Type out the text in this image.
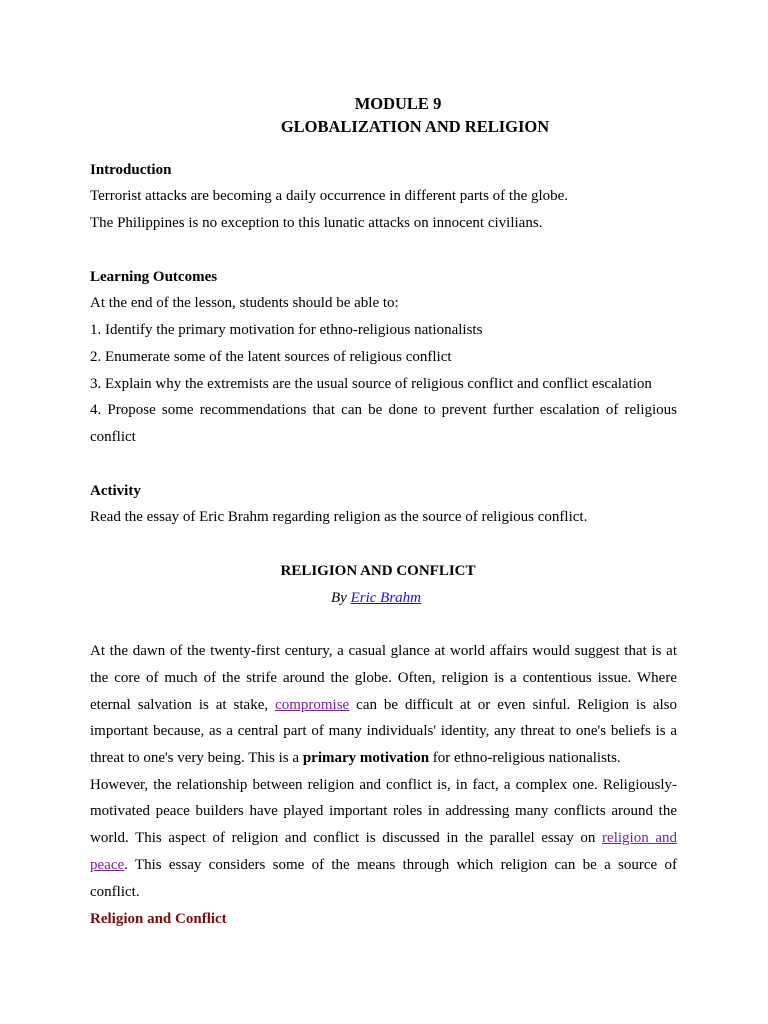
MODULE 9
GLOBALIZATION AND RELIGION
Introduction
Terrorist attacks are becoming a daily occurrence in different parts of the globe.
The Philippines is no exception to this lunatic attacks on innocent civilians.
Learning Outcomes
At the end of the lesson, students should be able to:
1. Identify the primary motivation for ethno-religious nationalists
2. Enumerate some of the latent sources of religious conflict
3. Explain why the extremists are the usual source of religious conflict and conflict escalation
4. Propose some recommendations that can be done to prevent further escalation of religious
conflict
Activity
Read the essay of Eric Brahm regarding religion as the source of religious conflict.
RELIGION AND CONFLICT
By Eric Brahm
At the dawn of the twenty-first century, a casual glance at world affairs would suggest that is at
the core of much of the strife around the globe. Often, religion is a contentious issue. Where
eternal salvation is at stake, compromise can be difficult at or even sinful. Religion is also
important because, as a central part of many individuals' identity, any threat to one's beliefs is a
threat to one's very being. This is a primary motivation for ethno-religious nationalists.
However, the relationship between religion and conflict is, in fact, a complex one. Religiously-
motivated peace builders have played important roles in addressing many conflicts around the
world. This aspect of religion and conflict is discussed in the parallel essay on religion and
peace. This essay considers some of the means through which religion can be a source of
conflict.
Religion and Conflict
